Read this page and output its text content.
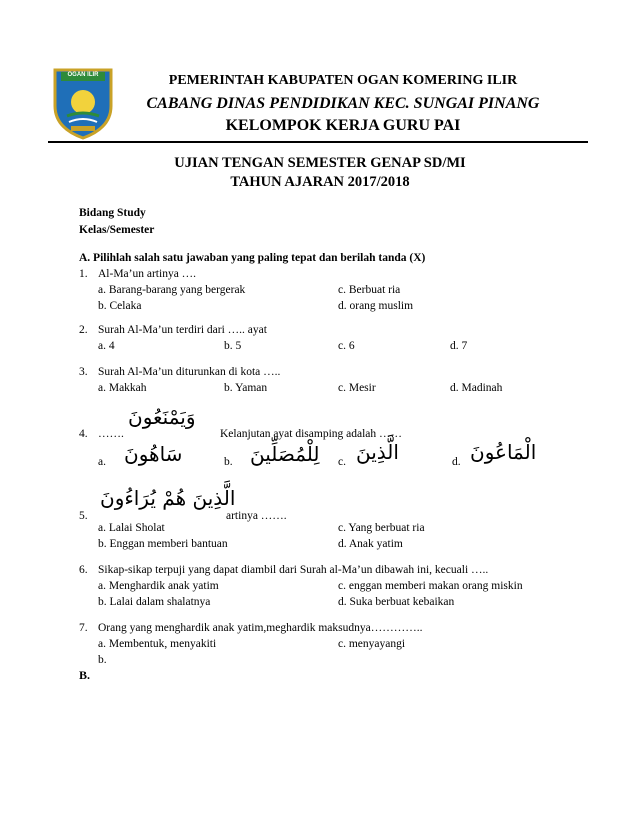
OGAN ILIR	PEMERINTAH KABUPATEN OGAN KOMERING ILIR
CABANG DINAS PENDIDIKAN KEC. SUNGAI PINANG
KELOMPOK KERJA GURU PAI
UJIAN TENGAN SEMESTER GENAP SD/MI
TAHUN AJARAN 2017/2018
Bidang Study
Kelas/Semester
A. Pilihlah salah satu jawaban yang paling tepat dan berilah tanda (X)
1. Al-Ma’un artinya ….
a. Barang-barang yang bergerak
b. Celaka
c. Berbuat ria
d. orang muslim
2. Surah Al-Ma’un terdiri dari ….. ayat
a. 4	b. 5	c. 6	d. 7
3. Surah Al-Ma’un diturunkan di kota …..
a. Makkah	b. Yaman	c. Mesir	d. Madinah
4. …….
وَيَمْنَعُونَ
Kelanjutan ayat disamping adalah ……
a. سَاهُونَ	b. لِلْمُصَلِّينَ c. الَّذِينَ	d. الْمَاعُونَ
5.
الَّذِينَ هُمْ يُرَاءُونَ
artinya …….
a. Lalai Sholat
b. Enggan memberi bantuan
c. Yang berbuat ria
d. Anak yatim
6. Sikap-sikap terpuji yang dapat diambil dari Surah al-Ma’un dibawah ini, kecuali …..
a. Menghardik anak yatim
b. Lalai dalam shalatnya
c. enggan memberi makan orang miskin
d. Suka berbuat kebaikan
7. Orang yang menghardik anak yatim,meghardik maksudnya…………..
a. Membentuk, menyakiti
b.
c. menyayangi
B.
